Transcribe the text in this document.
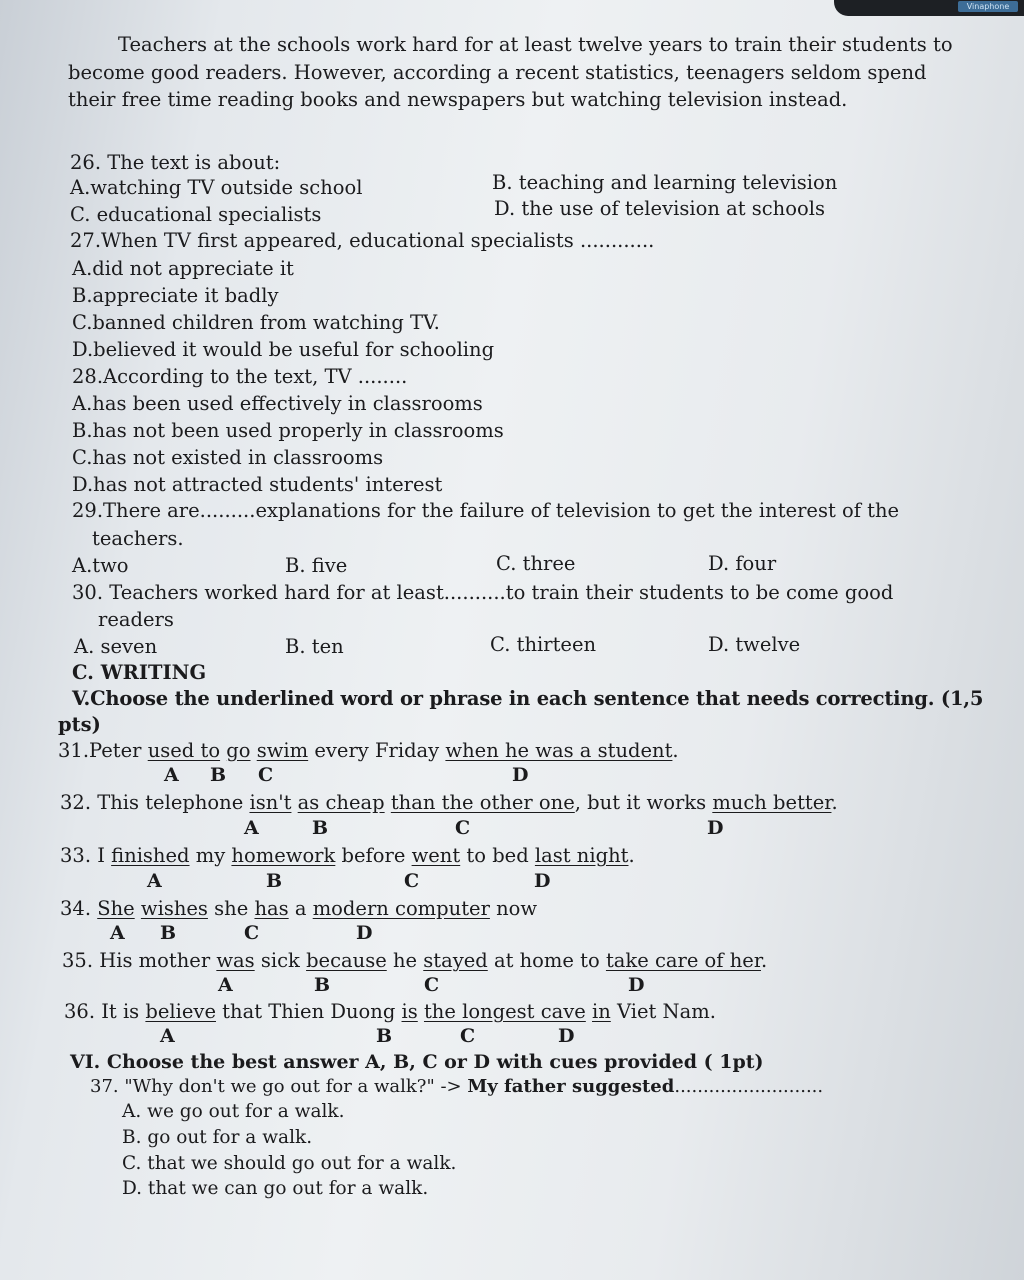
Vinaphone
Teachers at the schools work hard for at least twelve years to train their students to
become good readers. However, according a recent statistics, teenagers seldom spend
their free time reading books and newspapers but watching television instead.
26. The text is about:
A.watching TV outside school	B. teaching and learning television
C. educational specialists	D. the use of television at schools
27.When TV first appeared, educational specialists ............
A.did not appreciate it
B.appreciate it badly
C.banned children from watching TV.
D.believed it would be useful for schooling
28.According to the text, TV ........
A.has been used effectively in classrooms
B.has not been used properly in classrooms
C.has not existed in classrooms
D.has not attracted students' interest
29.There are.........explanations for the failure of television to get the interest of the
teachers.
A.two	B. five	C. three	D. four
30. Teachers worked hard for at least..........to train their students to be come good
readers
A. seven	B. ten	C. thirteen	D. twelve
C. WRITING
V.Choose the underlined word or phrase in each sentence that needs correcting. (1,5
pts)
31.Peter used to go swim every Friday when he was a student.
A B C	D
32. This telephone isn't as cheap than the other one, but it works much better.
A	B	C	D
33. I finished my homework before went to bed last night.
A	B	C	D
34. She wishes she has a modern computer now
A B	C	D
35. His mother was sick because he stayed at home to take care of her.
A	B	C	D
36. It is believe that Thien Duong is the longest cave in Viet Nam.
A	B	C	D
VI. Choose the best answer A, B, C or D with cues provided ( 1pt)
37. "Why don't we go out for a walk?" -> My father suggested..........................
A. we go out for a walk.
B. go out for a walk.
C. that we should go out for a walk.
D. that we can go out for a walk.
